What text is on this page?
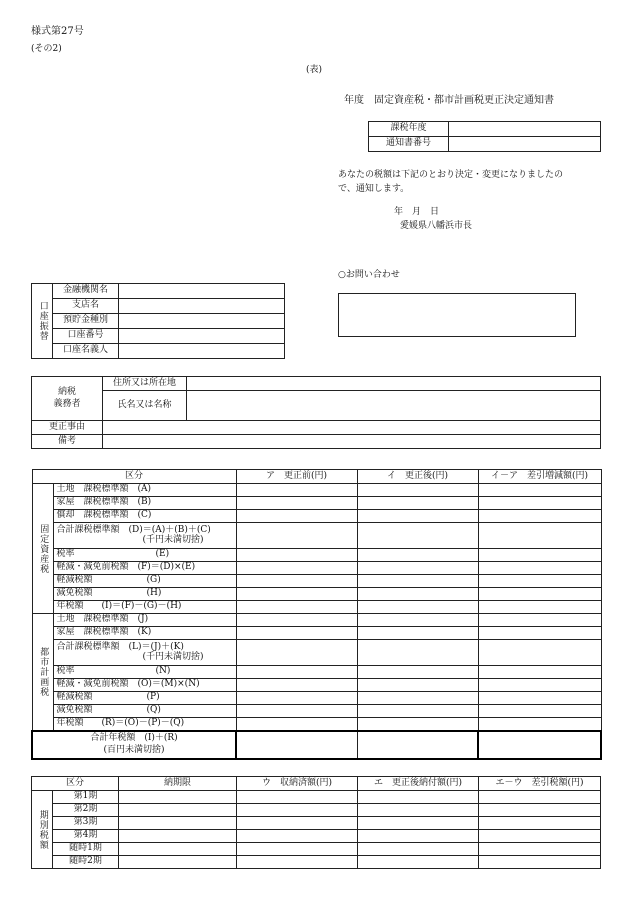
様式第27号
(その2)
(表)
年度　固定資産税・都市計画税更正決定通知書
課税年度	
通知書番号	
あなたの税額は下記のとおり決定・変更になりましたの
で、通知します。
年　月　日
愛媛県八幡浜市長
○お問い合わせ
口座振替	金融機関名	
	支店名	
	預貯金種別	
	口座番号	
	口座名義人	
納税
義務者	住所又は所在地	
	氏名又は名称	
更正事由		
備考		
区分		ア　更正前(円)	イ　更正後(円)	イ－ア　差引増減額(円)
固定資産税	土地　課税標準額　(A)			

	家屋　課税標準額　(B)			

	償却　課税標準額　(C)			

	合計課税標準額　(D)＝(A)＋(B)＋(C)
(千円未満切捨)			

	税率　　　　　　　　　(E)			

	軽減・減免前税額　(F)＝(D)×(E)			

	軽減税額　　　　　　(G)			

	減免税額　　　　　　(H)			

	年税額　　(I)＝(F)－(G)－(H)			

都市計画税	土地　課税標準額　(J)			

	家屋　課税標準額　(K)			

	合計課税標準額　(L)＝(J)＋(K)
(千円未満切捨)			

	税率　　　　　　　　　(N)			

	軽減・減免前税額　(O)＝(M)×(N)			

	軽減税額　　　　　　(P)			

	減免税額　　　　　　(Q)			

	年税額　　(R)＝(O)－(P)－(Q)			

合計年税額　(I)＋(R)
(百円未満切捨)				
区分		納期限	ウ　収納済額(円)	エ　更正後納付額(円)	エ－ウ　差引税額(円)
期別税額	第1期				
	第2期				
	第3期				
	第4期				
	随時1期				
	随時2期				
